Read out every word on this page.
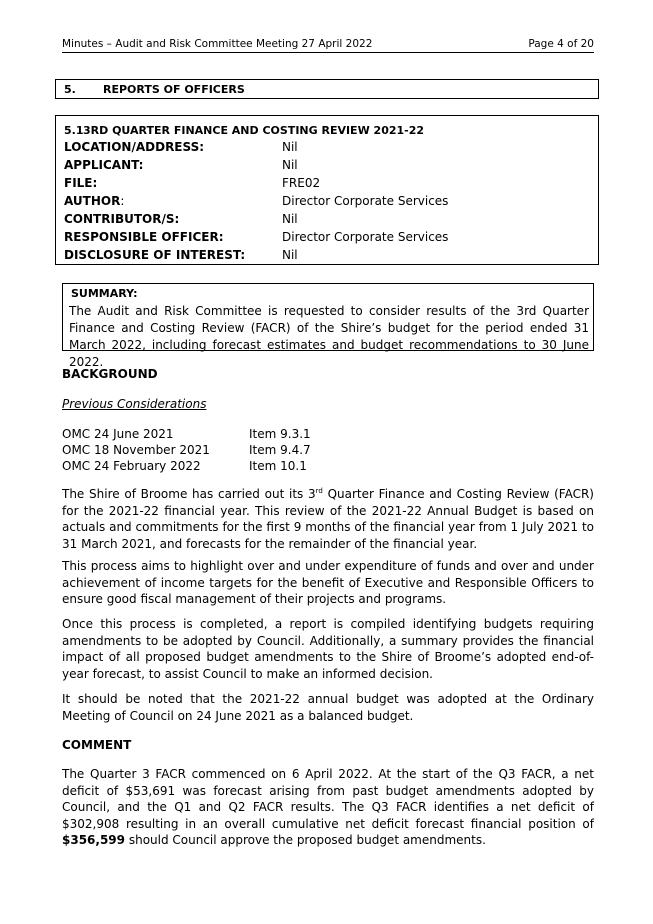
Minutes – Audit and Risk Committee Meeting 27 April 2022	Page 4 of 20
5. REPORTS OF OFFICERS
5.1 3RD QUARTER FINANCE AND COSTING REVIEW 2021-22
LOCATION/ADDRESS:	Nil
APPLICANT:	Nil
FILE:	FRE02
AUTHOR:	Director Corporate Services
CONTRIBUTOR/S:	Nil
RESPONSIBLE OFFICER:	Director Corporate Services
DISCLOSURE OF INTEREST:	Nil
SUMMARY:
The Audit and Risk Committee is requested to consider results of the 3rd Quarter Finance and Costing Review (FACR) of the Shire’s budget for the period ended 31 March 2022, including forecast estimates and budget recommendations to 30 June 2022.
BACKGROUND
Previous Considerations
OMC 24 June 2021	Item 9.3.1
OMC 18 November 2021	Item 9.4.7
OMC 24 February 2022	Item 10.1
The Shire of Broome has carried out its 3rd Quarter Finance and Costing Review (FACR) for the 2021-22 financial year. This review of the 2021-22 Annual Budget is based on actuals and commitments for the first 9 months of the financial year from 1 July 2021 to 31 March 2021, and forecasts for the remainder of the financial year.
This process aims to highlight over and under expenditure of funds and over and under achievement of income targets for the benefit of Executive and Responsible Officers to ensure good fiscal management of their projects and programs.
Once this process is completed, a report is compiled identifying budgets requiring amendments to be adopted by Council. Additionally, a summary provides the financial impact of all proposed budget amendments to the Shire of Broome’s adopted end-of-year forecast, to assist Council to make an informed decision.
It should be noted that the 2021-22 annual budget was adopted at the Ordinary Meeting of Council on 24 June 2021 as a balanced budget.
COMMENT
The Quarter 3 FACR commenced on 6 April 2022. At the start of the Q3 FACR, a net deficit of $53,691 was forecast arising from past budget amendments adopted by Council, and the Q1 and Q2 FACR results. The Q3 FACR identifies a net deficit of $302,908 resulting in an overall cumulative net deficit forecast financial position of $356,599 should Council approve the proposed budget amendments.
